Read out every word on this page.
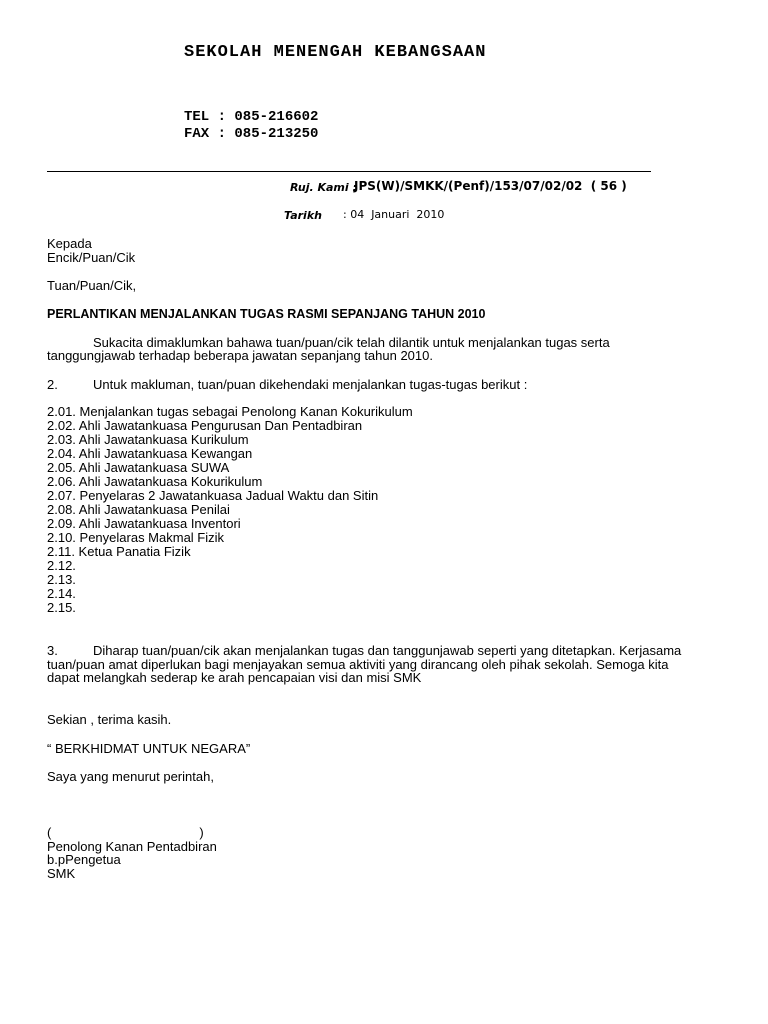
SEKOLAH MENENGAH KEBANGSAAN
TEL : 085-216602
FAX : 085-213250
Ruj. Kami :
JPS(W)/SMKK/(Penf)/153/07/02/02  ( 56 )
Tarikh : 04  Januari  2010
Kepada
Encik/Puan/Cik
Tuan/Puan/Cik,
PERLANTIKAN MENJALANKAN TUGAS RASMI SEPANJANG TAHUN 2010
Sukacita dimaklumkan bahawa tuan/puan/cik telah dilantik untuk menjalankan tugas serta
tanggungjawab terhadap beberapa jawatan sepanjang tahun 2010.
2.	Untuk makluman, tuan/puan dikehendaki menjalankan tugas-tugas berikut :
2.01. Menjalankan tugas sebagai Penolong Kanan Kokurikulum
2.02. Ahli Jawatankuasa Pengurusan Dan Pentadbiran
2.03. Ahli Jawatankuasa Kurikulum
2.04. Ahli Jawatankuasa Kewangan
2.05. Ahli Jawatankuasa SUWA
2.06. Ahli Jawatankuasa Kokurikulum
2.07. Penyelaras 2 Jawatankuasa Jadual Waktu dan Sitin
2.08. Ahli Jawatankuasa Penilai
2.09. Ahli Jawatankuasa Inventori
2.10. Penyelaras Makmal Fizik
2.11. Ketua Panatia Fizik
2.12.
2.13.
2.14.
2.15.
3.	Diharap tuan/puan/cik akan menjalankan tugas dan tanggunjawab seperti yang ditetapkan. Kerjasama
tuan/puan amat diperlukan bagi menjayakan semua aktiviti yang dirancang oleh pihak sekolah. Semoga kita
dapat melangkah sederap ke arah pencapaian visi dan misi SMK
Sekian , terima kasih.
“ BERKHIDMAT UNTUK NEGARA”
Saya yang menurut perintah,
(                                         )
Penolong Kanan Pentadbiran
b.pPengetua
SMK
